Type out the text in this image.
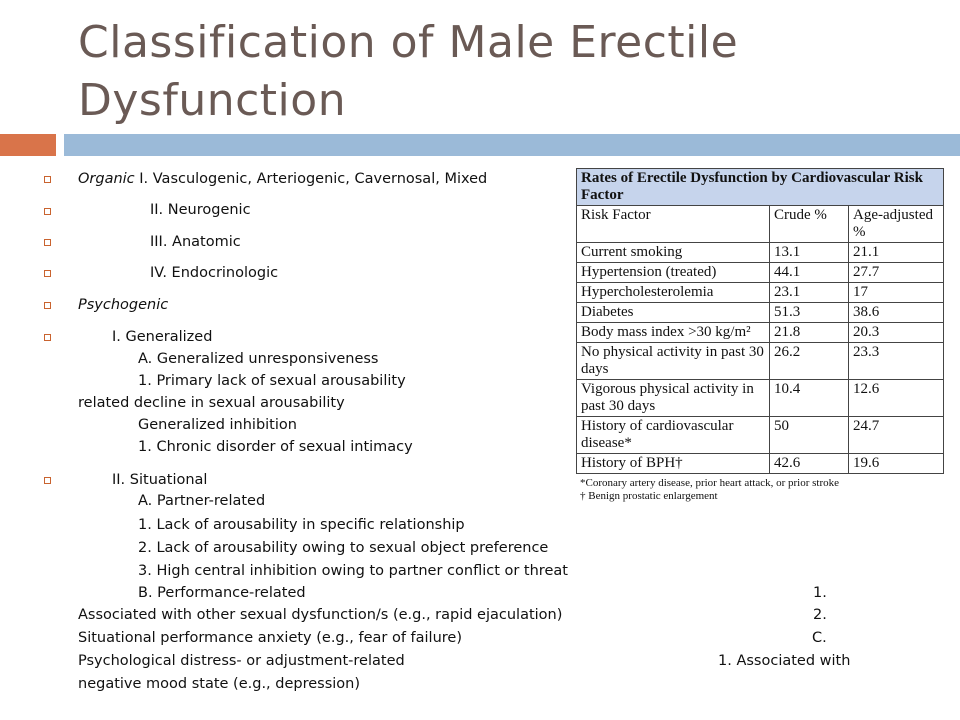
Classification of Male Erectile Dysfunction
Organic I. Vasculogenic, Arteriogenic, Cavernosal, Mixed
II. Neurogenic
III. Anatomic
IV. Endocrinologic
Psychogenic
I. Generalized
A. Generalized unresponsiveness
1. Primary lack of sexual arousability
related decline in sexual arousability
Generalized inhibition
1. Chronic disorder of sexual intimacy
II. Situational
A. Partner-related
1. Lack of arousability in specific relationship
2. Lack of arousability owing to sexual object preference
3. High central inhibition owing to partner conflict or threat
B. Performance-related	1.
Associated with other sexual dysfunction/s (e.g., rapid ejaculation)	2.
Situational performance anxiety (e.g., fear of failure)	C.
Psychological distress- or adjustment-related	1. Associated with
negative mood state (e.g., depression)
Rates of Erectile Dysfunction by Cardiovascular Risk Factor		
Risk Factor	Crude %	Age-adjusted %
Current smoking	13.1	21.1
Hypertension (treated)	44.1	27.7
Hypercholesterolemia	23.1	17
Diabetes	51.3	38.6
Body mass index >30 kg/m²	21.8	20.3
No physical activity in past 30 days	26.2	23.3
Vigorous physical activity in past 30 days	10.4	12.6
History of cardiovascular disease*	50	24.7
History of BPH†	42.6	19.6
*Coronary artery disease, prior heart attack, or prior stroke
† Benign prostatic enlargement
